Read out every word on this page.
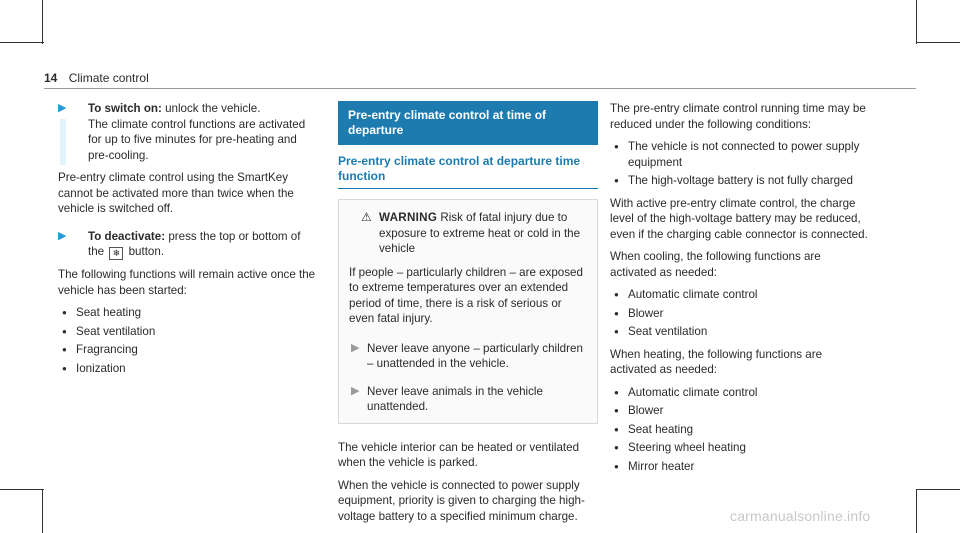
14 Climate control
▶ To switch on: unlock the vehicle.
The climate control functions are activated for up to five minutes for pre-heating and pre-cooling.

Pre-entry climate control using the SmartKey cannot be activated more than twice when the vehicle is switched off.

▶ To deactivate: press the top or bottom of the ❄ button.

The following functions will remain active once the vehicle has been started:

● Seat heating
● Seat ventilation
● Fragrancing
● Ionization
Pre-entry climate control at time of departure
Pre-entry climate control at departure time function
⚠ WARNING Risk of fatal injury due to exposure to extreme heat or cold in the vehicle

If people – particularly children – are exposed to extreme temperatures over an extended period of time, there is a risk of serious or even fatal injury.

▶ Never leave anyone – particularly children – unattended in the vehicle.
▶ Never leave animals in the vehicle unattended.

The vehicle interior can be heated or ventilated when the vehicle is parked.

When the vehicle is connected to power supply equipment, priority is given to charging the high-voltage battery to a specified minimum charge.

The pre-entry climate control running time may be reduced under the following conditions:

● The vehicle is not connected to power supply equipment
● The high-voltage battery is not fully charged

With active pre-entry climate control, the charge level of the high-voltage battery may be reduced, even if the charging cable connector is connected.

When cooling, the following functions are activated as needed:

● Automatic climate control
● Blower
● Seat ventilation

When heating, the following functions are activated as needed:

● Automatic climate control
● Blower
● Seat heating
● Steering wheel heating
● Mirror heater
carmanualsonline.info
